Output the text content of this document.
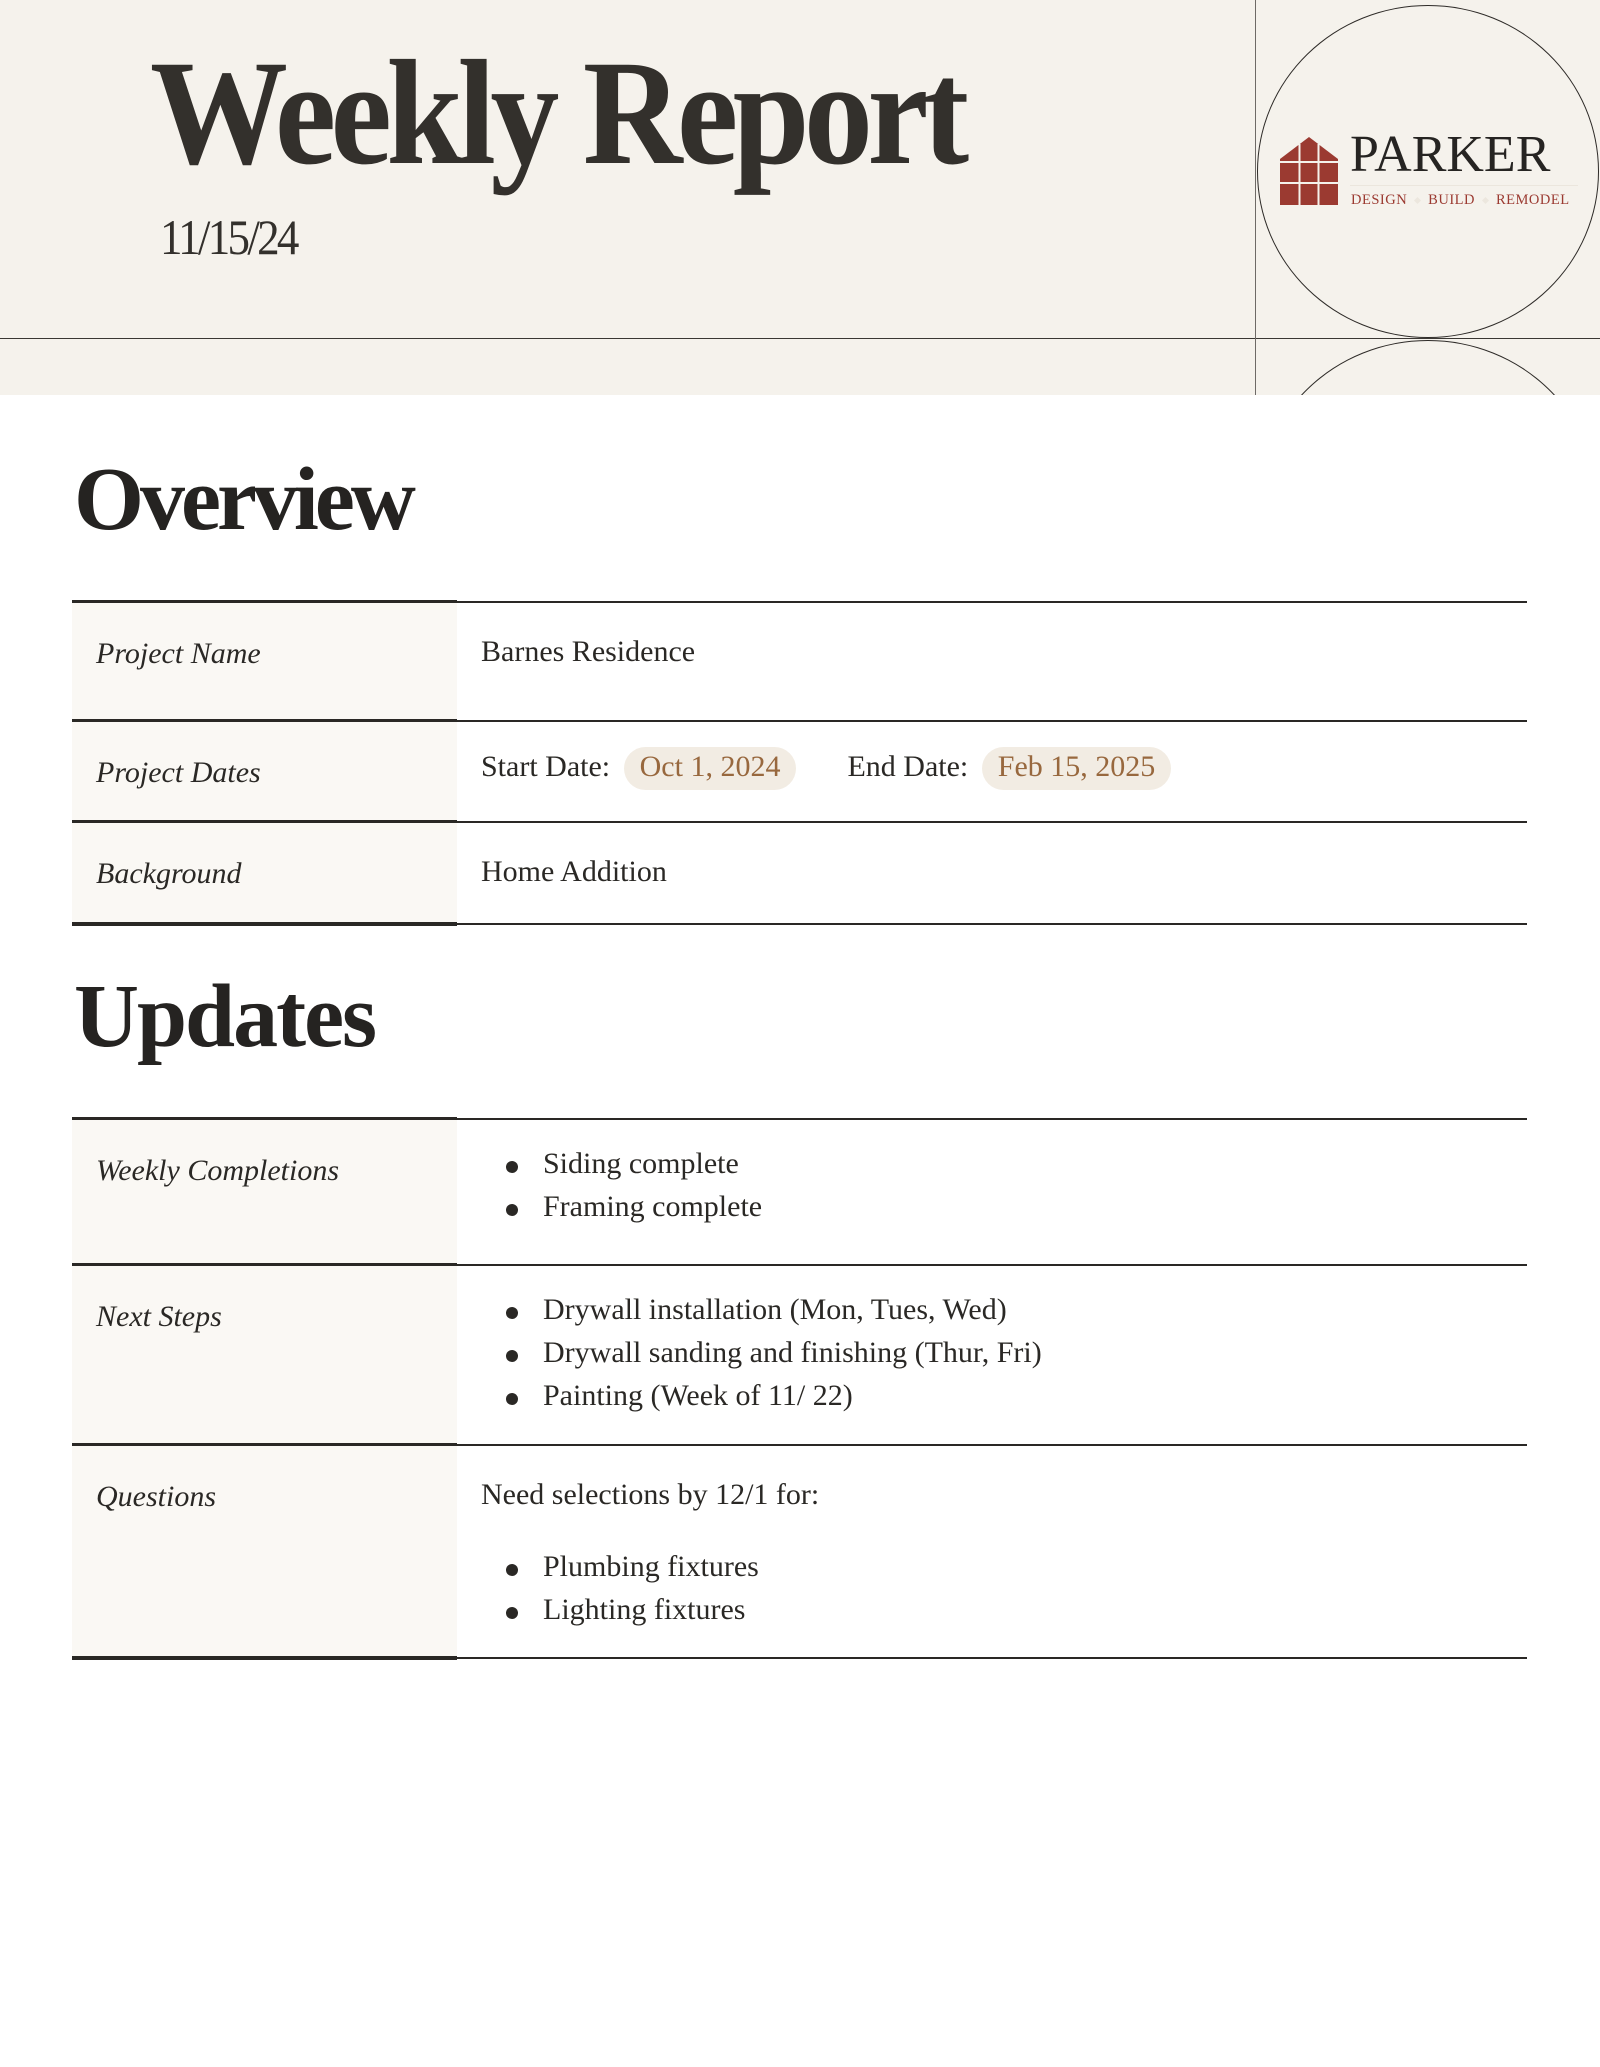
Weekly Report
11/15/24
PARKER
DESIGN BUILD REMODEL
Overview
Project Name	Barnes Residence
Project Dates	Start Date: Oct 1, 2024 End Date: Feb 15, 2025
Background	Home Addition
Updates
Weekly Completions	Siding complete
Framing complete
Next Steps	Drywall installation (Mon, Tues, Wed)
Drywall sanding and finishing (Thur, Fri)
Painting (Week of 11/ 22)
Questions	Need selections by 12/1 for:
Plumbing fixtures
Lighting fixtures
